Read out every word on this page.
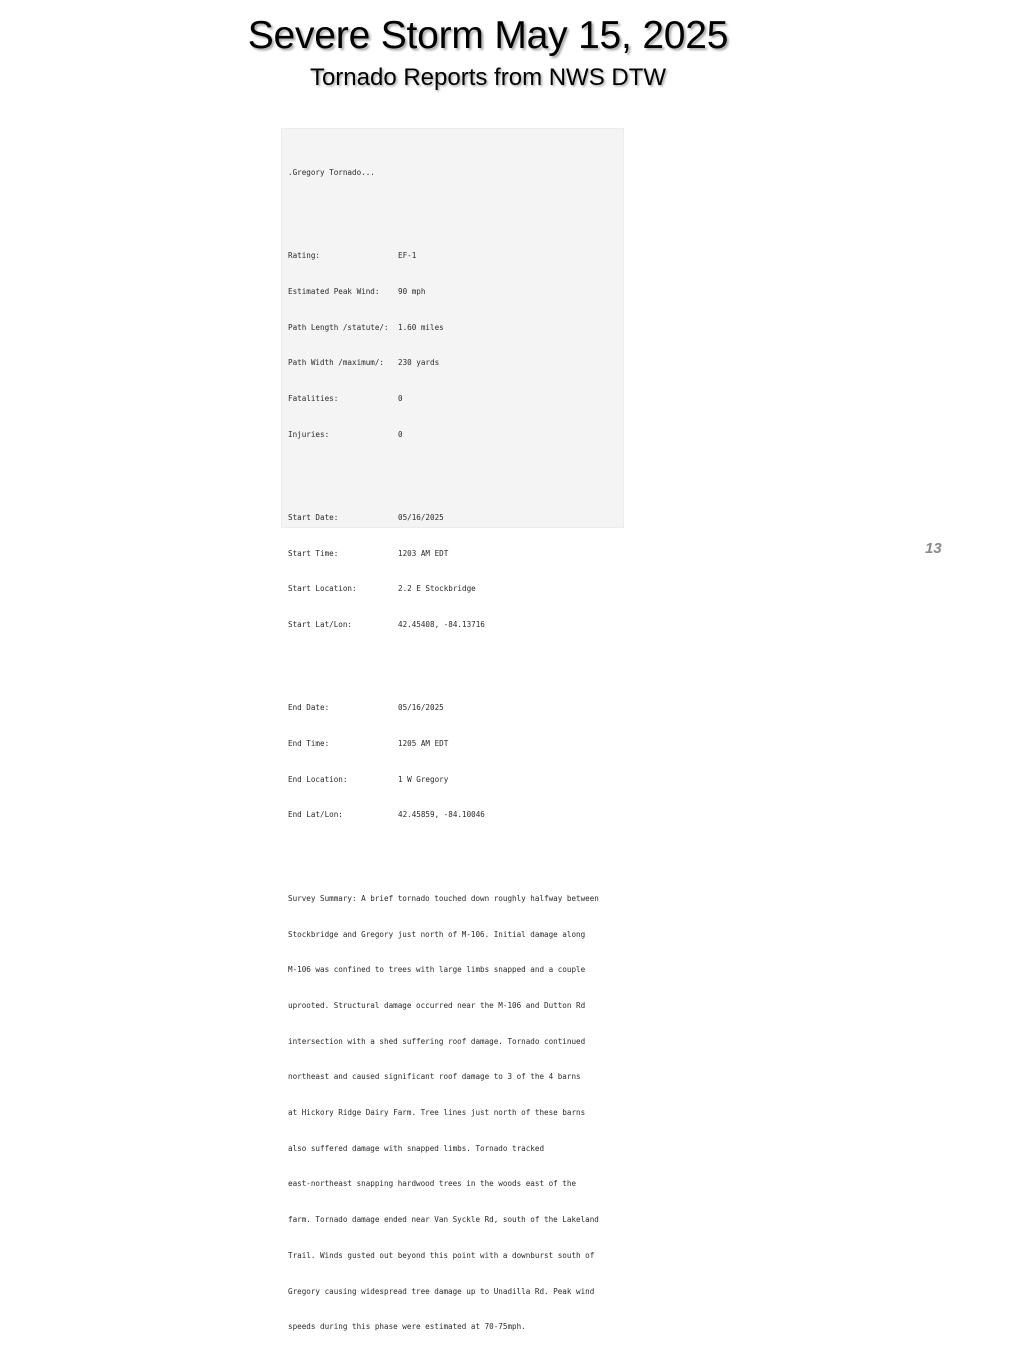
Severe Storm May 15, 2025
Tornado Reports from NWS DTW

.Gregory Tornado...

Rating:	EF-1

Estimated Peak Wind: 90 mph

Path Length /statute/: 1.60 miles

Path Width /maximum/: 230 yards

Fatalities:	0

Injuries:	0

Start Date:	05/16/2025

Start Time:	1203 AM EDT

Start Location:	2.2 E Stockbridge

Start Lat/Lon:	42.45408, -84.13716

End Date:	05/16/2025

End Time:	1205 AM EDT

End Location:	1 W Gregory

End Lat/Lon:	42.45859, -84.10046

Survey Summary: A brief tornado touched down roughly halfway between

Stockbridge and Gregory just north of M-106. Initial damage along

M-106 was confined to trees with large limbs snapped and a couple

uprooted. Structural damage occurred near the M-106 and Dutton Rd

intersection with a shed suffering roof damage. Tornado continued

northeast and caused significant roof damage to 3 of the 4 barns

at Hickory Ridge Dairy Farm. Tree lines just north of these barns

also suffered damage with snapped limbs. Tornado tracked

east-northeast snapping hardwood trees in the woods east of the

farm. Tornado damage ended near Van Syckle Rd, south of the Lakeland

Trail. Winds gusted out beyond this point with a downburst south of

Gregory causing widespread tree damage up to Unadilla Rd. Peak wind

speeds during this phase were estimated at 70-75mph.

13
